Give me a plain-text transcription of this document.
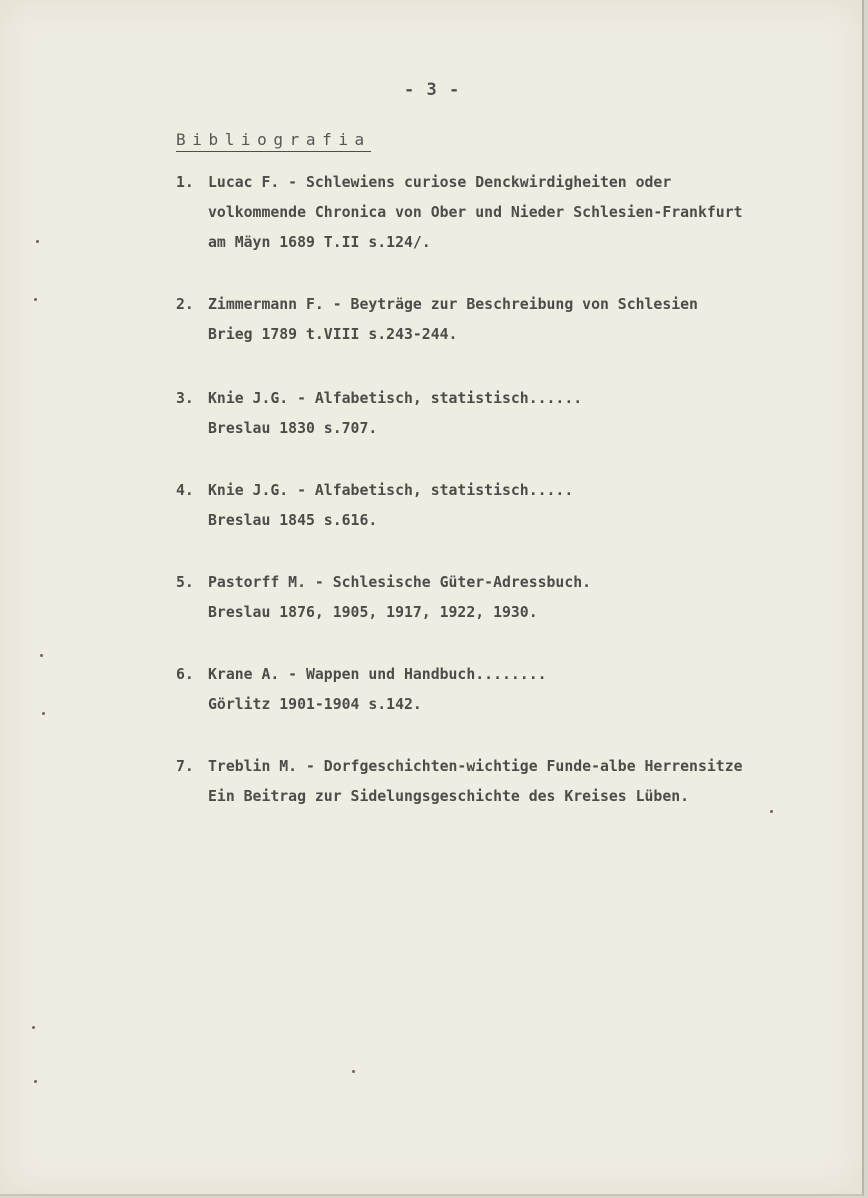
- 3 -
Bibliografia
1. Lucac F. - Schlewiens curiose Denckwirdigheiten oder
volkommende Chronica von Ober und Nieder Schlesien-Frankfurt
am Mäyn 1689 T.II s.124/.
2. Zimmermann F. - Beyträge zur Beschreibung von Schlesien
Brieg 1789 t.VIII s.243-244.
3. Knie J.G. - Alfabetisch, statistisch......
Breslau 1830 s.707.
4. Knie J.G. - Alfabetisch, statistisch.....
Breslau 1845 s.616.
5. Pastorff M. - Schlesische Güter-Adressbuch.
Breslau 1876, 1905, 1917, 1922, 1930.
6. Krane A. - Wappen und Handbuch........
Görlitz 1901-1904 s.142.
7. Treblin M. - Dorfgeschichten-wichtige Funde-albe Herrensitze
Ein Beitrag zur Sidelungsgeschichte des Kreises Lüben.
